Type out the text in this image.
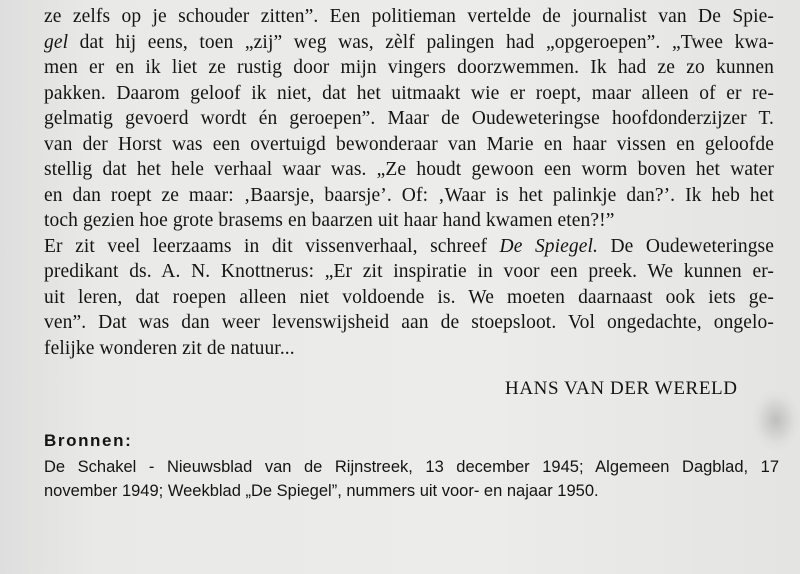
ze zelfs op je schouder zitten”. Een politieman vertelde de journalist van De Spie-
gel dat hij eens, toen „zij” weg was, zèlf palingen had „opgeroepen”. „Twee kwa-
men er en ik liet ze rustig door mijn vingers doorzwemmen. Ik had ze zo kunnen
pakken. Daarom geloof ik niet, dat het uitmaakt wie er roept, maar alleen of er re-
gelmatig gevoerd wordt én geroepen”. Maar de Oudeweteringse hoofdonderzijzer T.
van der Horst was een overtuigd bewonderaar van Marie en haar vissen en geloofde
stellig dat het hele verhaal waar was. „Ze houdt gewoon een worm boven het water
en dan roept ze maar: ‚Baarsje, baarsje’. Of: ‚Waar is het palinkje dan?’. Ik heb het
toch gezien hoe grote brasems en baarzen uit haar hand kwamen eten?!”
Er zit veel leerzaams in dit vissenverhaal, schreef De Spiegel. De Oudeweteringse
predikant ds. A. N. Knottnerus: „Er zit inspiratie in voor een preek. We kunnen er-
uit leren, dat roepen alleen niet voldoende is. We moeten daarnaast ook iets ge-
ven”. Dat was dan weer levenswijsheid aan de stoepsloot. Vol ongedachte, ongelo-
felijke wonderen zit de natuur...
HANS VAN DER WERELD
Bronnen:
De Schakel - Nieuwsblad van de Rijnstreek, 13 december 1945; Algemeen Dagblad, 17
november 1949; Weekblad „De Spiegel”, nummers uit voor- en najaar 1950.
